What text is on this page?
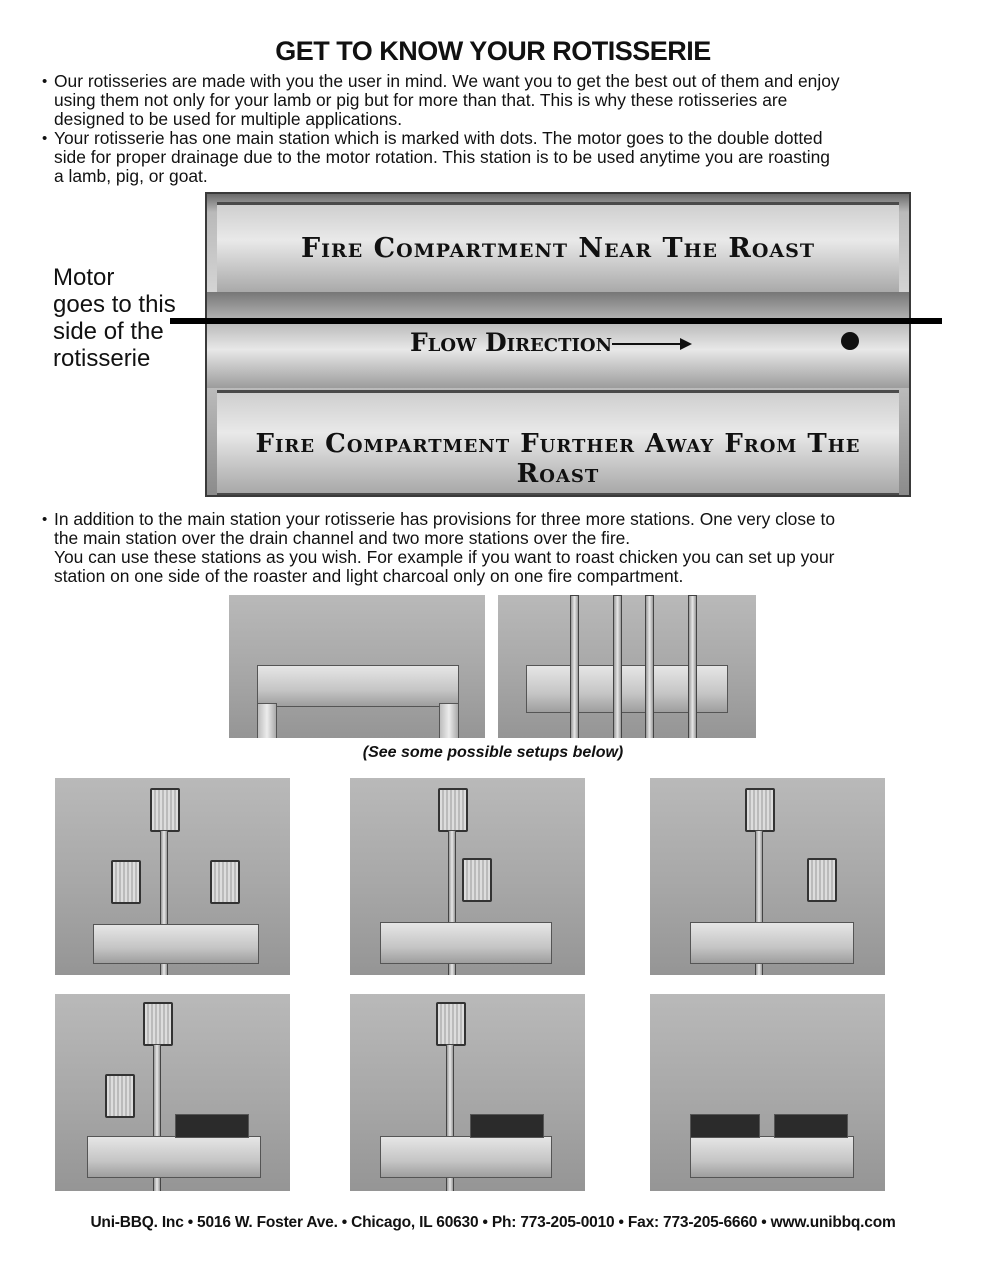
GET TO KNOW YOUR ROTISSERIE
• Our rotisseries are made with you the user in mind. We want you to get the best out of them and enjoy
using them not only for your lamb or pig but for more than that. This is why these rotisseries are
designed to be used for multiple applications.
• Your rotisserie has one main station which is marked with dots. The motor goes to the double dotted
side for proper drainage due to the motor rotation. This station is to be used anytime you are roasting
a lamb, pig, or goat.
Fire Compartment Near The Roast
Fire Compartment Further Away From The Roast
Flow Direction
Motor
goes to this
side of the
rotisserie
• In addition to the main station your rotisserie has provisions for three more stations. One very close to
the main station over the drain channel and two more stations over the fire.
You can use these stations as you wish. For example if you want to roast chicken you can set up your
station on one side of the roaster and light charcoal only on one fire compartment.
(See some possible setups below)
Uni-BBQ. Inc • 5016 W. Foster Ave. • Chicago, IL 60630 • Ph: 773-205-0010 • Fax: 773-205-6660 • www.unibbq.com
